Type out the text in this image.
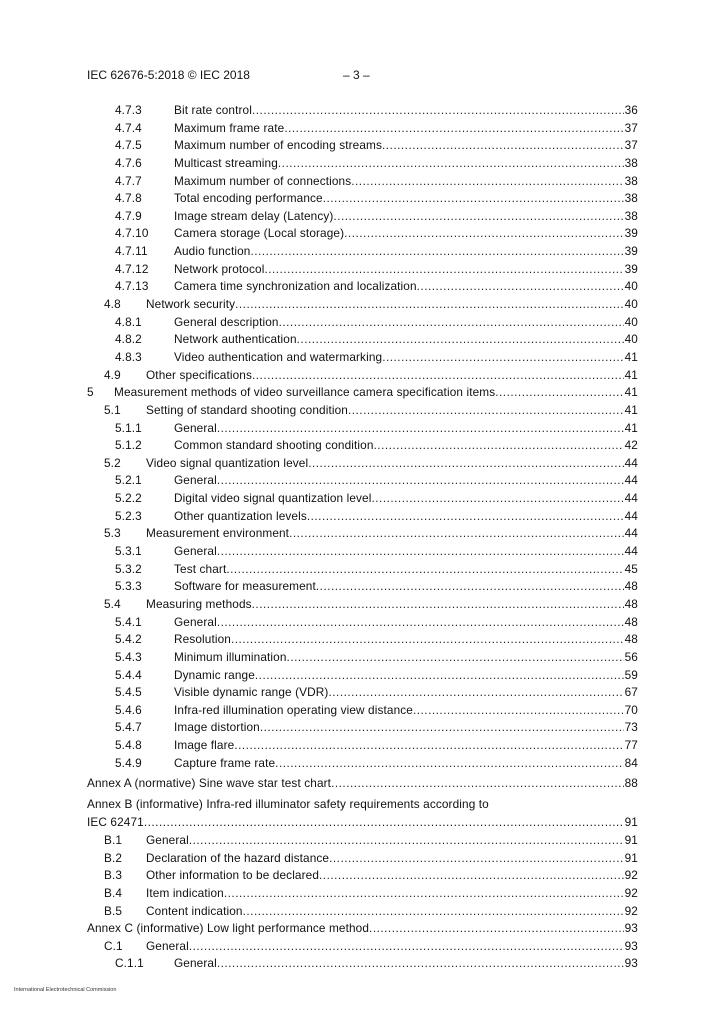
IEC 62676-5:2018 © IEC 2018	– 3 –
4.7.3	Bit rate control .....	36
4.7.4	Maximum frame rate .....	37
4.7.5	Maximum number of encoding streams .....	37
4.7.6	Multicast streaming .....	38
4.7.7	Maximum number of connections .....	38
4.7.8	Total encoding performance .....	38
4.7.9	Image stream delay (Latency) .....	38
4.7.10 Camera storage (Local storage) .....	39
4.7.11 Audio function .....	39
4.7.12 Network protocol .....	39
4.7.13 Camera time synchronization and localization .....	40
4.8 Network security .....	40
4.8.1	General description .....	40
4.8.2	Network authentication .....	40
4.8.3	Video authentication and watermarking .....	41
4.9 Other specifications .....	41
5 Measurement methods of video surveillance camera specification items .....	41
5.1 Setting of standard shooting condition .....	41
5.1.1	General .....	41
5.1.2	Common standard shooting condition .....	42
5.2 Video signal quantization level .....	44
5.2.1	General .....	44
5.2.2	Digital video signal quantization level .....	44
5.2.3	Other quantization levels .....	44
5.3 Measurement environment .....	44
5.3.1	General .....	44
5.3.2	Test chart .....	45
5.3.3	Software for measurement .....	48
5.4 Measuring methods .....	48
5.4.1	General .....	48
5.4.2	Resolution .....	48
5.4.3	Minimum illumination .....	56
5.4.4	Dynamic range .....	59
5.4.5	Visible dynamic range (VDR) .....	67
5.4.6	Infra-red illumination operating view distance .....	70
5.4.7	Image distortion .....	73
5.4.8	Image flare .....	77
5.4.9	Capture frame rate .....	84
Annex A (normative) Sine wave star test chart .....	88
Annex B (informative) Infra-red illuminator safety requirements according to
IEC 62471 .....	91
B.1 General .....	91
B.2 Declaration of the hazard distance .....	91
B.3 Other information to be declared .....	92
B.4 Item indication .....	92
B.5 Content indication .....	92
Annex C (informative) Low light performance method .....	93
C.1 General .....	93
C.1.1	General .....	93
International Electrotechnical Commission
